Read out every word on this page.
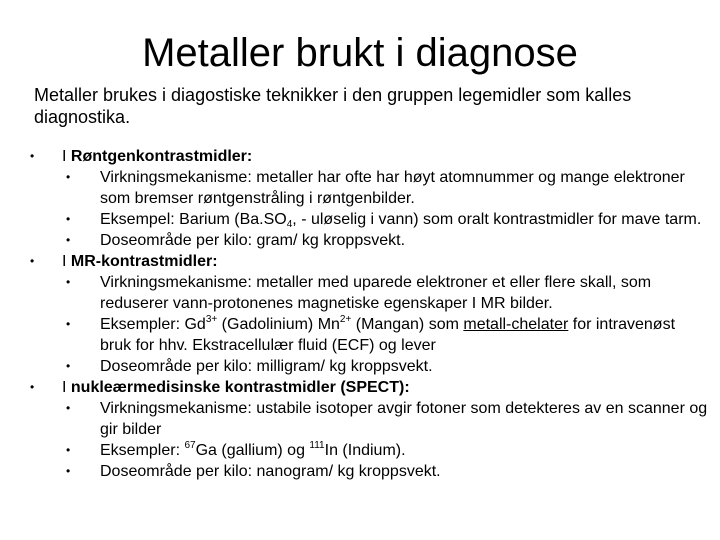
Metaller brukt i diagnose
Metaller brukes i diagostiske teknikker i den gruppen legemidler som kalles diagnostika.
• I Røntgenkontrastmidler:
• Virkningsmekanisme: metaller har ofte har høyt atomnummer og mange elektroner som bremser røntgenstråling i røntgenbilder.
• Eksempel: Barium ($Ba.SO_4$, - uløselig i vann) som oralt kontrastmidler for mave tarm.
• Doseområde per kilo: gram/ kg kroppsvekt.
• I MR-kontrastmidler:
• Virkningsmekanisme: metaller med uparede elektroner et eller flere skall, som reduserer vann-protonenes magnetiske egenskaper I MR bilder.
• Eksempler: $Gd^{3+}$ (Gadolinium) $Mn^{2+}$ (Mangan) som metall-chelater for intravenøst bruk for hhv. Ekstracellulær fluid (ECF) og lever
• Doseområde per kilo: milligram/ kg kroppsvekt.
• I nukleærmedisinske kontrastmidler (SPECT):
• Virkningsmekanisme: ustabile isotoper avgir fotoner som detekteres av en scanner og gir bilder
• Eksempler: $^{67}$Ga (gallium) og $^{111}$In (Indium).
• Doseområde per kilo: nanogram/ kg kroppsvekt.
